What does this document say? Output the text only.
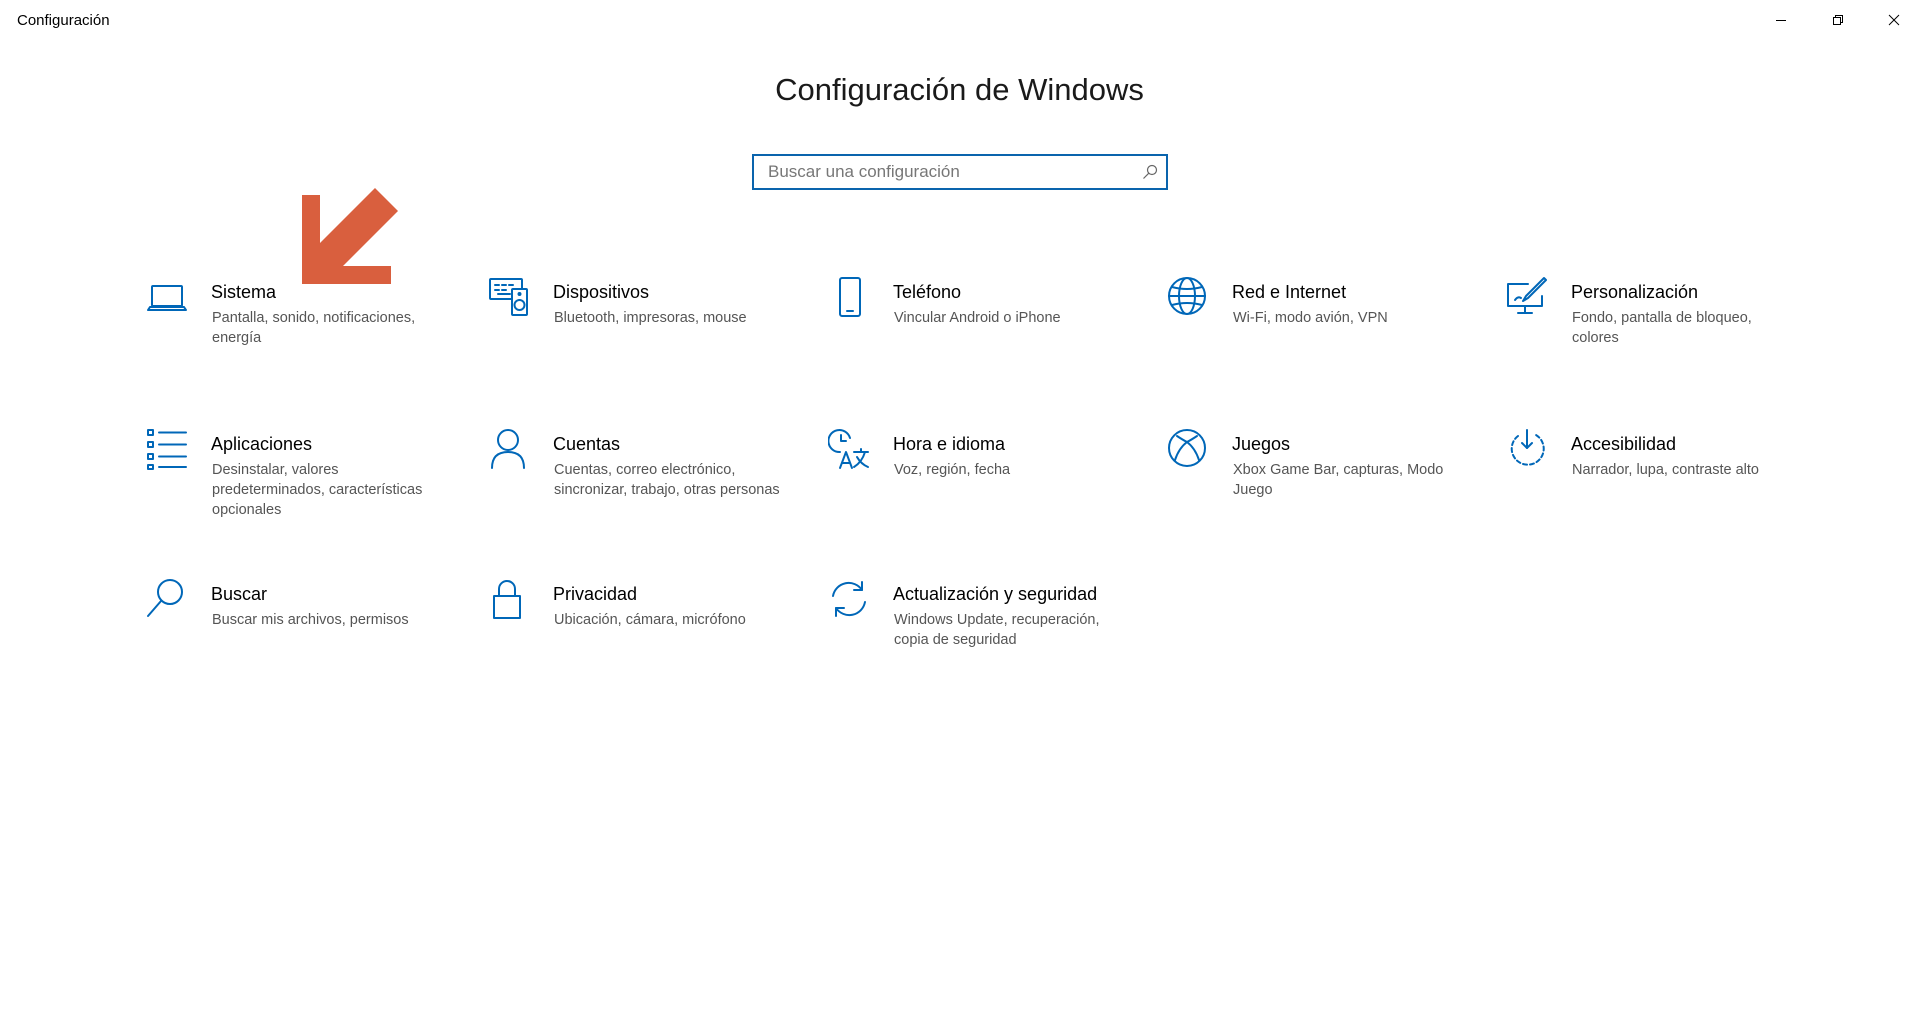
Configuración
Configuración de Windows
Buscar una configuración
Sistema
Pantalla, sonido, notificaciones, energía
Dispositivos
Bluetooth, impresoras, mouse
Teléfono
Vincular Android o iPhone
Red e Internet
Wi-Fi, modo avión, VPN
Personalización
Fondo, pantalla de bloqueo, colores
Aplicaciones
Desinstalar, valores predeterminados, características opcionales
Cuentas
Cuentas, correo electrónico, sincronizar, trabajo, otras personas
Hora e idioma
Voz, región, fecha
Juegos
Xbox Game Bar, capturas, Modo Juego
Accesibilidad
Narrador, lupa, contraste alto
Buscar
Buscar mis archivos, permisos
Privacidad
Ubicación, cámara, micrófono
Actualización y seguridad
Windows Update, recuperación, copia de seguridad
